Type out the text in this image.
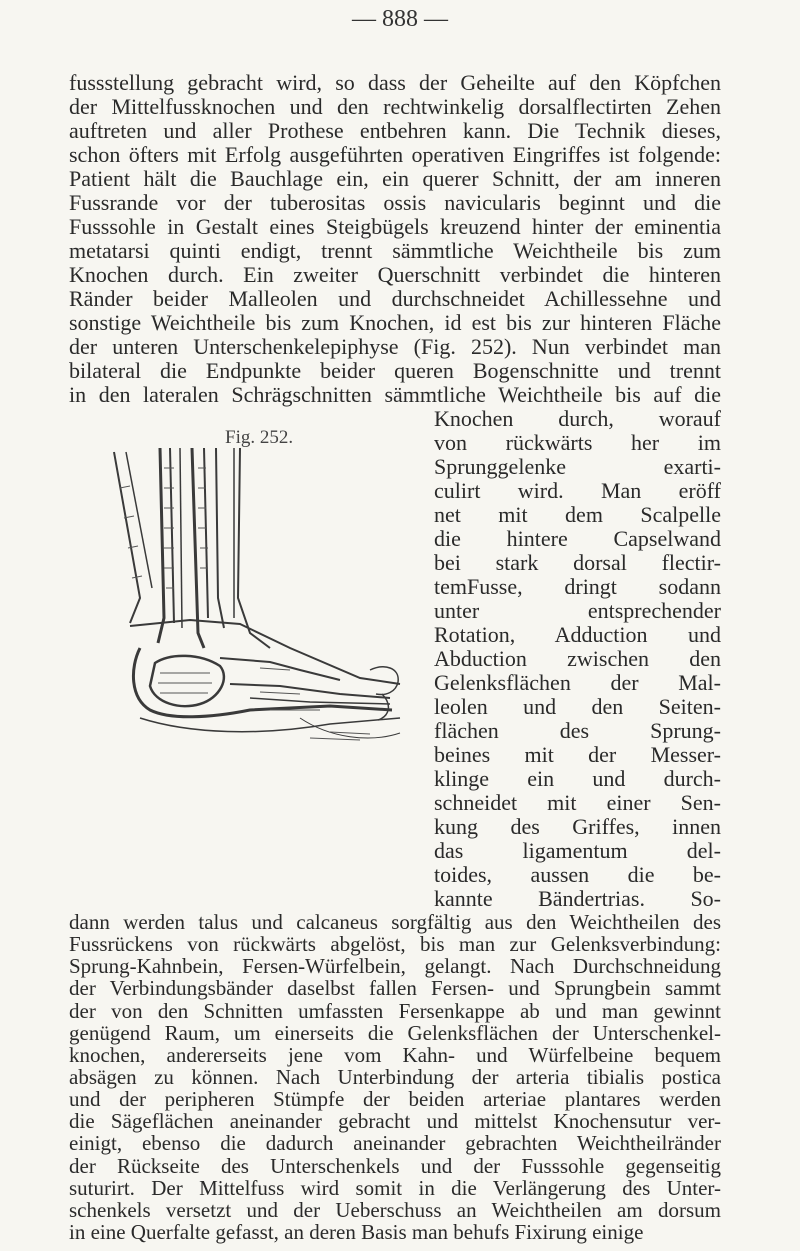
— 888 —
fussstellung gebracht wird, so dass der Geheilte auf den Köpfchen
der Mittelfussknochen und den rechtwinkelig dorsalflectirten Zehen
auftreten und aller Prothese entbehren kann. Die Technik dieses,
schon öfters mit Erfolg ausgeführten operativen Eingriffes ist folgende:
Patient hält die Bauchlage ein, ein querer Schnitt, der am inneren
Fussrande vor der tuberositas ossis navicularis beginnt und die
Fusssohle in Gestalt eines Steigbügels kreuzend hinter der eminentia
metatarsi quinti endigt, trennt sämmtliche Weichtheile bis zum
Knochen durch. Ein zweiter Querschnitt verbindet die hinteren
Ränder beider Malleolen und durchschneidet Achillessehne und
sonstige Weichtheile bis zum Knochen, id est bis zur hinteren Fläche
der unteren Unterschenkelepiphyse (Fig. 252). Nun verbindet man
bilateral die Endpunkte beider queren Bogenschnitte und trennt
in den lateralen Schrägschnitten sämmtliche Weichtheile bis auf die
Fig. 252.
Knochen durch, worauf
von rückwärts her im
Sprunggelenke exarti-
culirt wird. Man eröff
net mit dem Scalpelle
die hintere Capselwand
bei stark dorsal flectir-
temFusse, dringt sodann
unter entsprechender
Rotation, Adduction und
Abduction zwischen den
Gelenksflächen der Mal-
leolen und den Seiten-
flächen des Sprung-
beines mit der Messer-
klinge ein und durch-
schneidet mit einer Sen-
kung des Griffes, innen
das ligamentum del-
toides, aussen die be-
kannte Bändertrias. So-
dann werden talus und calcaneus sorgfältig aus den Weichtheilen des
Fussrückens von rückwärts abgelöst, bis man zur Gelenksverbindung:
Sprung-Kahnbein, Fersen-Würfelbein, gelangt. Nach Durchschneidung
der Verbindungsbänder daselbst fallen Fersen- und Sprungbein sammt
der von den Schnitten umfassten Fersenkappe ab und man gewinnt
genügend Raum, um einerseits die Gelenksflächen der Unterschenkel-
knochen, andererseits jene vom Kahn- und Würfelbeine bequem
absägen zu können. Nach Unterbindung der arteria tibialis postica
und der peripheren Stümpfe der beiden arteriae plantares werden
die Sägeflächen aneinander gebracht und mittelst Knochensutur ver-
einigt, ebenso die dadurch aneinander gebrachten Weichtheilränder
der Rückseite des Unterschenkels und der Fusssohle gegenseitig
suturirt. Der Mittelfuss wird somit in die Verlängerung des Unter-
schenkels versetzt und der Ueberschuss an Weichtheilen am dorsum
in eine Querfalte gefasst, an deren Basis man behufs Fixirung einige
